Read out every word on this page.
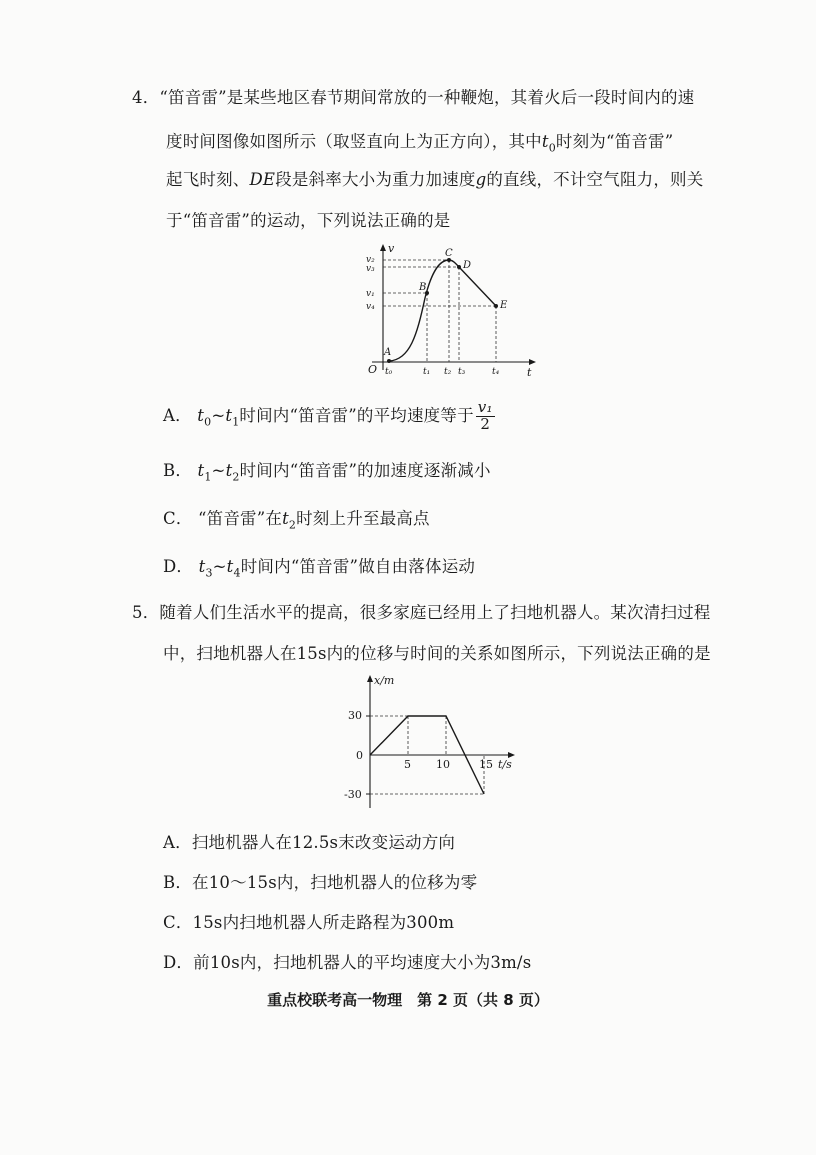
4．“笛音雷”是某些地区春节期间常放的一种鞭炮，其着火后一段时间内的速
度时间图像如图所示（取竖直向上为正方向），其中$t_0$时刻为“笛音雷”
起飞时刻、DE段是斜率大小为重力加速度g的直线，不计空气阻力，则关
于“笛音雷”的运动，下列说法正确的是
v
t
O
A
B
C
D
E
v₂
v₃
v₁
v₄
t₀	t₁ t₂ t₃	t₄
A． $t_0\sim t_1$时间内“笛音雷”的平均速度等于 $\frac{\text{v₁}}{2}$
B． $t_1\sim t_2$时间内“笛音雷”的加速度逐渐减小
C． “笛音雷”在$t_2$时刻上升至最高点
D． $t_3\sim t_4$时间内“笛音雷”做自由落体运动
5．随着人们生活水平的提高，很多家庭已经用上了扫地机器人。某次清扫过程
中，扫地机器人在15s内的位移与时间的关系如图所示，下列说法正确的是
x/m
t/s
30
0
-30
5 10	15
A．扫地机器人在12.5s末改变运动方向
B．在10～15s内，扫地机器人的位移为零
C．15s内扫地机器人所走路程为300m
D．前10s内，扫地机器人的平均速度大小为3m/s
重点校联考高一物理　第 2 页（共 8 页）
